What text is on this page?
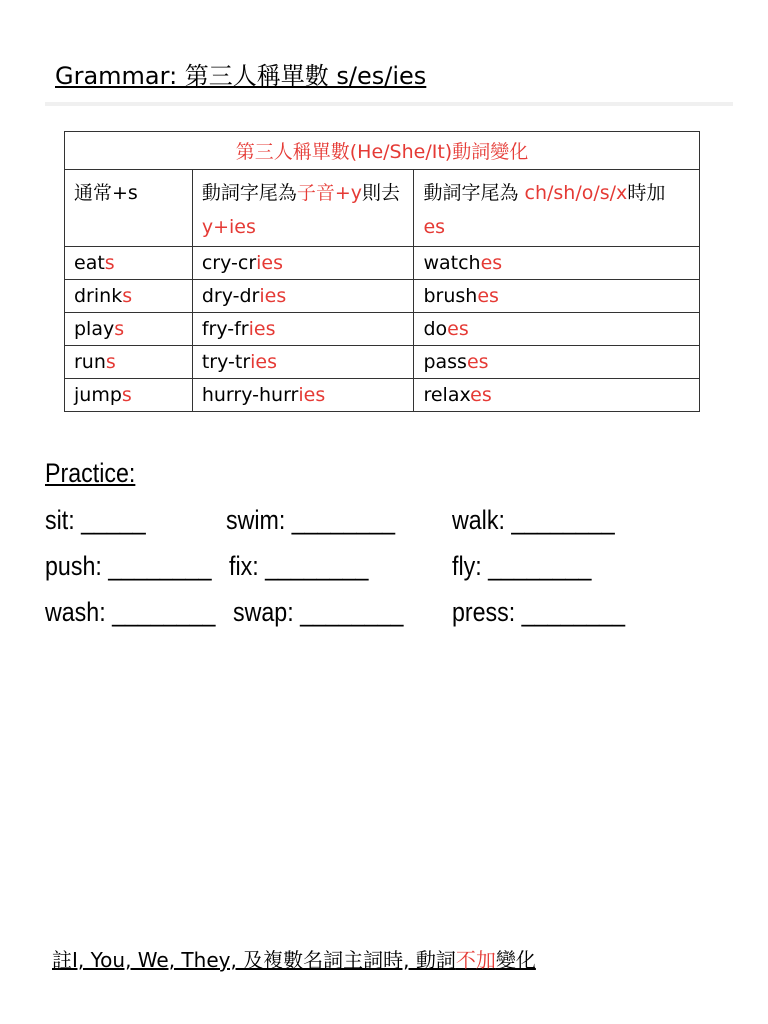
Grammar: 第三人稱單數 s/es/ies
第三人稱單數(He/She/It)動詞變化		
通常+s	動詞字尾為子音+y則去 y+ies	動詞字尾為 ch/sh/o/s/x時加 es
eats	cry-cries	watches
drinks	dry-dries	brushes
plays	fry-fries	does
runs	try-tries	passes
jumps	hurry-hurries	relaxes
Practice:
sit: _____	swim: ________ walk: ________
push: ________ fix: ________	fly: ________
wash: ________ swap: ________ press: ________
註I, You, We, They, 及複數名詞主詞時, 動詞不加變化
